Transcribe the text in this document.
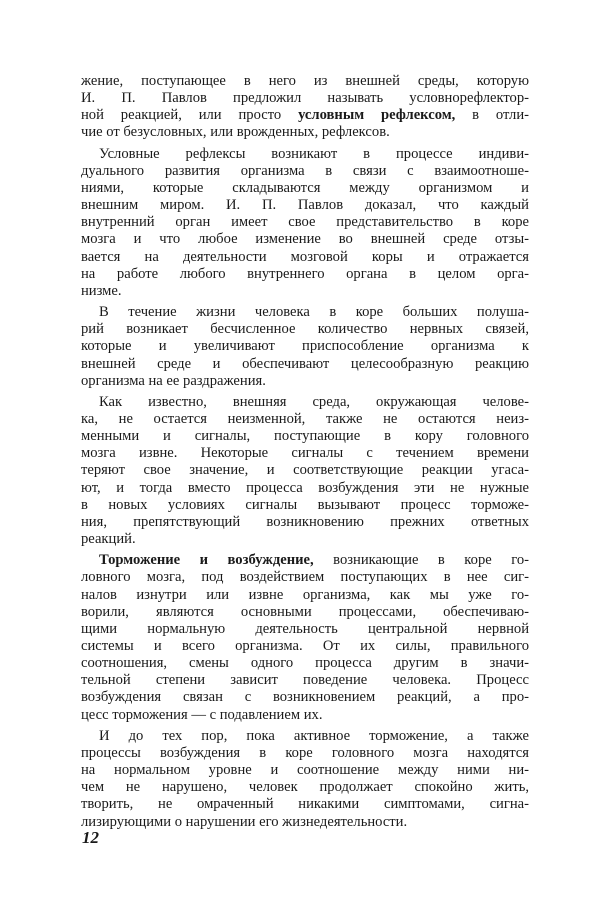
жение, поступающее в него из внешней среды, которую
И. П. Павлов предложил называть условнорефлектор-
ной реакцией, или просто условным рефлексом, в отли-
чие от безусловных, или врожденных, рефлексов.
Условные рефлексы возникают в процессе индиви-
дуального развития организма в связи с взаимоотноше-
ниями, которые складываются между организмом и
внешним миром. И. П. Павлов доказал, что каждый
внутренний орган имеет свое представительство в коре
мозга и что любое изменение во внешней среде отзы-
вается на деятельности мозговой коры и отражается
на работе любого внутреннего органа в целом орга-
низме.
В течение жизни человека в коре больших полуша-
рий возникает бесчисленное количество нервных связей,
которые и увеличивают приспособление организма к
внешней среде и обеспечивают целесообразную реакцию
организма на ее раздражения.
Как известно, внешняя среда, окружающая челове-
ка, не остается неизменной, также не остаются неиз-
менными и сигналы, поступающие в кору головного
мозга извне. Некоторые сигналы с течением времени
теряют свое значение, и соответствующие реакции угаса-
ют, и тогда вместо процесса возбуждения эти не нужные
в новых условиях сигналы вызывают процесс торможе-
ния, препятствующий возникновению прежних ответных
реакций.
Торможение и возбуждение, возникающие в коре го-
ловного мозга, под воздействием поступающих в нее сиг-
налов изнутри или извне организма, как мы уже го-
ворили, являются основными процессами, обеспечиваю-
щими нормальную деятельность центральной нервной
системы и всего организма. От их силы, правильного
соотношения, смены одного процесса другим в значи-
тельной степени зависит поведение человека. Процесс
возбуждения связан с возникновением реакций, а про-
цесс торможения — с подавлением их.
И до тех пор, пока активное торможение, а также
процессы возбуждения в коре головного мозга находятся
на нормальном уровне и соотношение между ними ни-
чем не нарушено, человек продолжает спокойно жить,
творить, не омраченный никакими симптомами, сигна-
лизирующими о нарушении его жизнедеятельности.
12
